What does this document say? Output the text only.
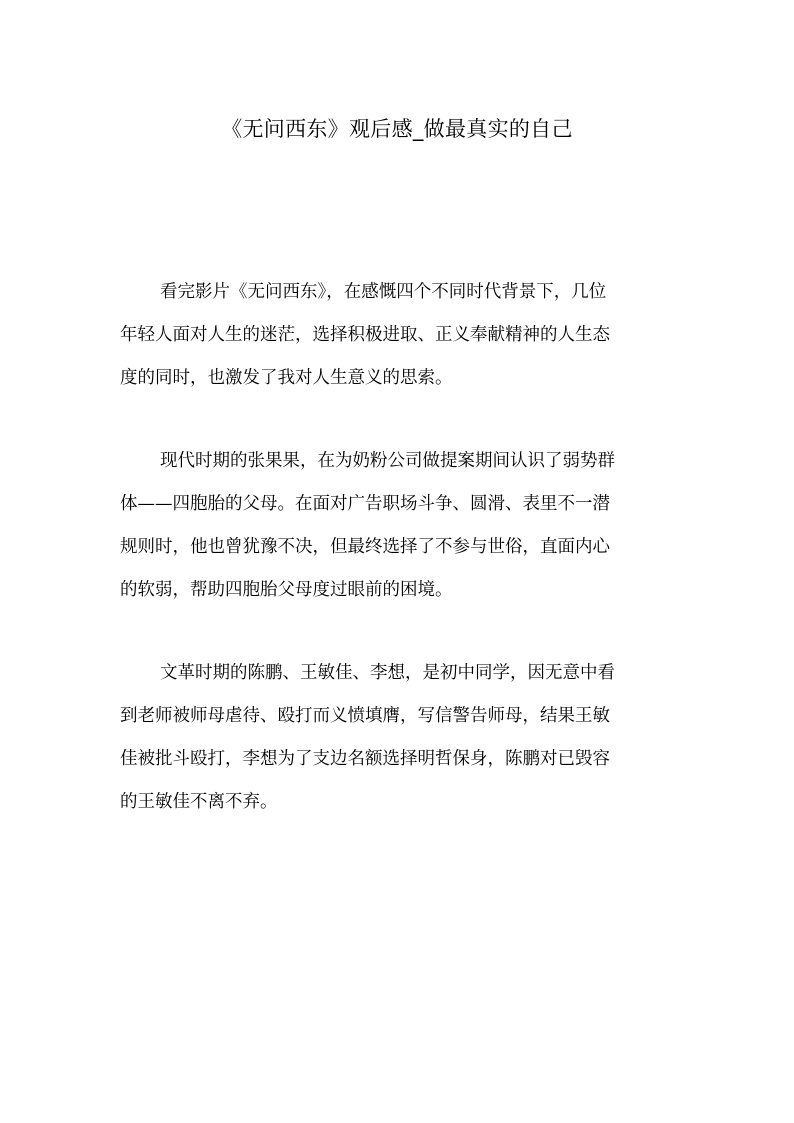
《无问西东》观后感_做最真实的自己
看完影片《无问西东》，在感慨四个不同时代背景下，几位
年轻人面对人生的迷茫，选择积极进取、正义奉献精神的人生态
度的同时，也激发了我对人生意义的思索。
现代时期的张果果，在为奶粉公司做提案期间认识了弱势群
体——四胞胎的父母。在面对广告职场斗争、圆滑、表里不一潜
规则时，他也曾犹豫不决，但最终选择了不参与世俗，直面内心
的软弱，帮助四胞胎父母度过眼前的困境。
文革时期的陈鹏、王敏佳、李想，是初中同学，因无意中看
到老师被师母虐待、殴打而义愤填膺，写信警告师母，结果王敏
佳被批斗殴打，李想为了支边名额选择明哲保身，陈鹏对已毁容
的王敏佳不离不弃。
